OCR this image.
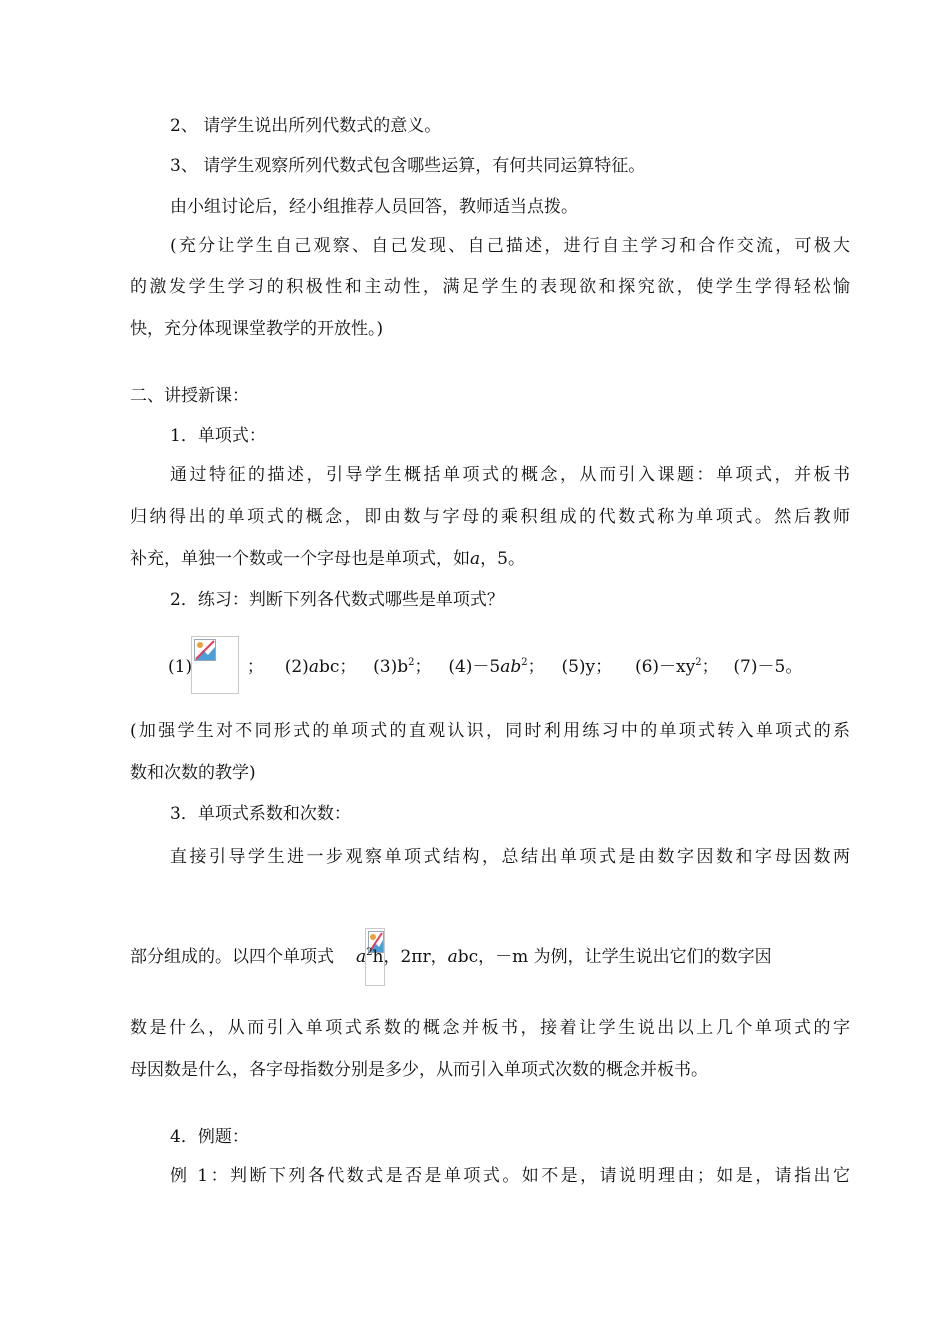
2、 请学生说出所列代数式的意义。
3、 请学生观察所列代数式包含哪些运算，有何共同运算特征。
由小组讨论后，经小组推荐人员回答，教师适当点拨。
(充分让学生自己观察、自己发现、自己描述，进行自主学习和合作交流，可极大
的激发学生学习的积极性和主动性，满足学生的表现欲和探究欲，使学生学得轻松愉
快，充分体现课堂教学的开放性。)
二、讲授新课：
1．单项式：
通过特征的描述，引导学生概括单项式的概念，从而引入课题：单项式，并板书
归纳得出的单项式的概念，即由数与字母的乘积组成的代数式称为单项式。然后教师
补充，单独一个数或一个字母也是单项式，如a，5。
2．练习：判断下列各代数式哪些是单项式？
(1)	； (2)abc； $(3)b^2$； $(4)-5ab^2$； (5)y； $(6)-xy^2$； (7)－5。
(加强学生对不同形式的单项式的直观认识，同时利用练习中的单项式转入单项式的系
数和次数的教学)
3．单项式系数和次数：
直接引导学生进一步观察单项式结构，总结出单项式是由数字因数和字母因数两
部分组成的。以四个单项式 $a^2h$，2πr，abc，－m 为例，让学生说出它们的数字因
数是什么，从而引入单项式系数的概念并板书，接着让学生说出以上几个单项式的字
母因数是什么，各字母指数分别是多少，从而引入单项式次数的概念并板书。
4．例题：
例 1：判断下列各代数式是否是单项式。如不是，请说明理由；如是，请指出它
